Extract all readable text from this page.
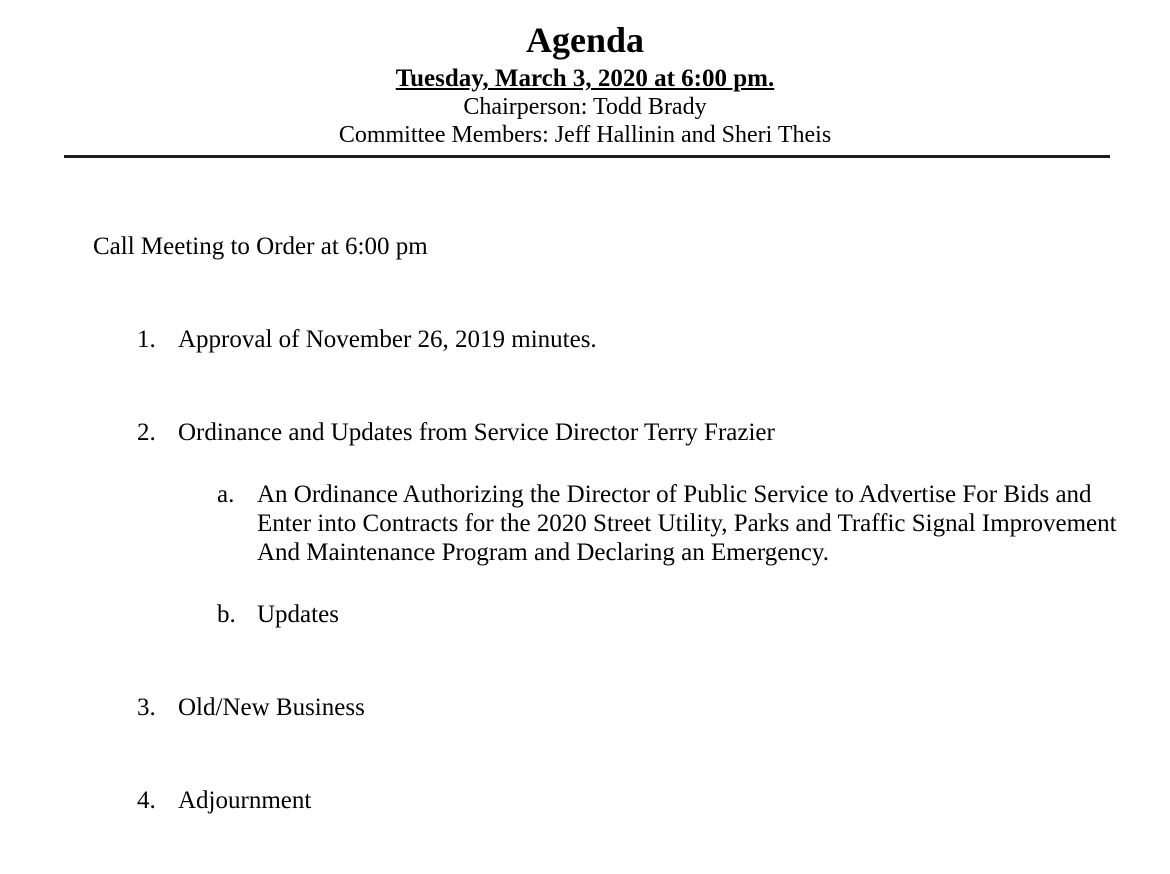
Agenda
Tuesday, March 3, 2020 at 6:00 pm.
Chairperson: Todd Brady
Committee Members: Jeff Hallinin and Sheri Theis
Call Meeting to Order at 6:00 pm
1. Approval of November 26, 2019 minutes.
2. Ordinance and Updates from Service Director Terry Frazier
a. An Ordinance Authorizing the Director of Public Service to Advertise For Bids and Enter into Contracts for the 2020 Street Utility, Parks and Traffic Signal Improvement And Maintenance Program and Declaring an Emergency.
b. Updates
3. Old/New Business
4. Adjournment
